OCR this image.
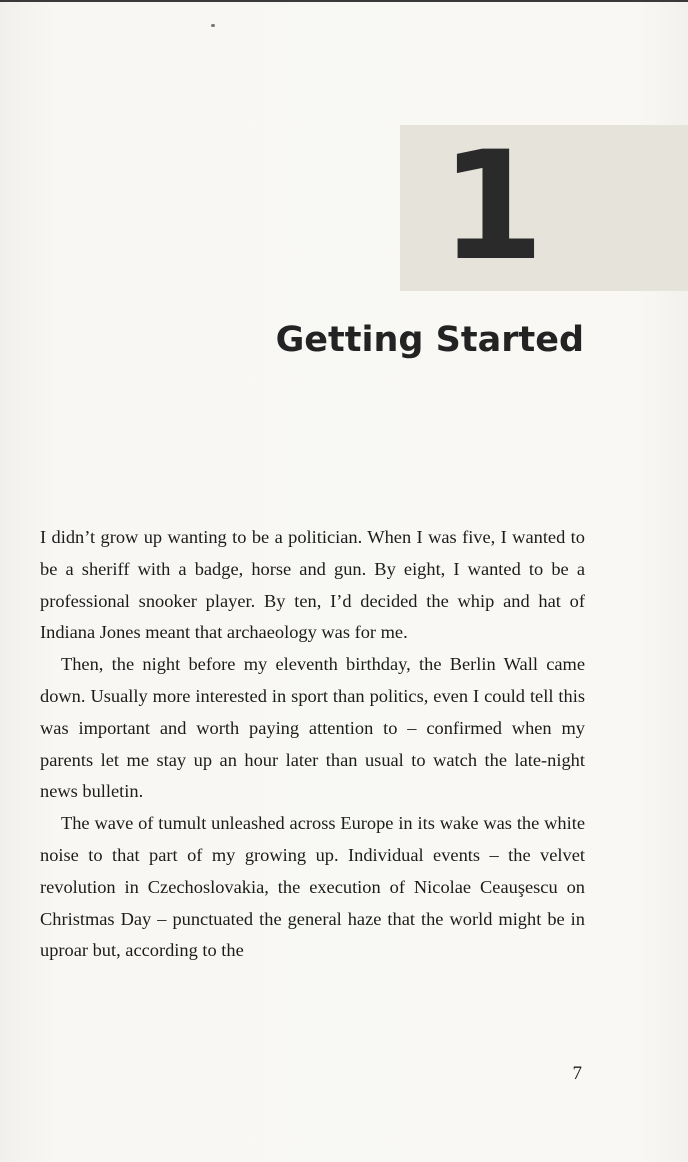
1
Getting Started

I didn’t grow up wanting to be a politician. When I was five, I wanted to be a sheriff with a badge, horse and gun. By eight, I wanted to be a professional snooker player. By ten, I’d decided the whip and hat of Indiana Jones meant that archaeology was for me.

Then, the night before my eleventh birthday, the Berlin Wall came down. Usually more interested in sport than politics, even I could tell this was important and worth paying attention to – confirmed when my parents let me stay up an hour later than usual to watch the late-night news bulletin.

The wave of tumult unleashed across Europe in its wake was the white noise to that part of my growing up. Individual events – the velvet revolution in Czechoslovakia, the execution of Nicolae Ceauşescu on Christmas Day – punctuated the general haze that the world might be in uproar but, according to the

7
